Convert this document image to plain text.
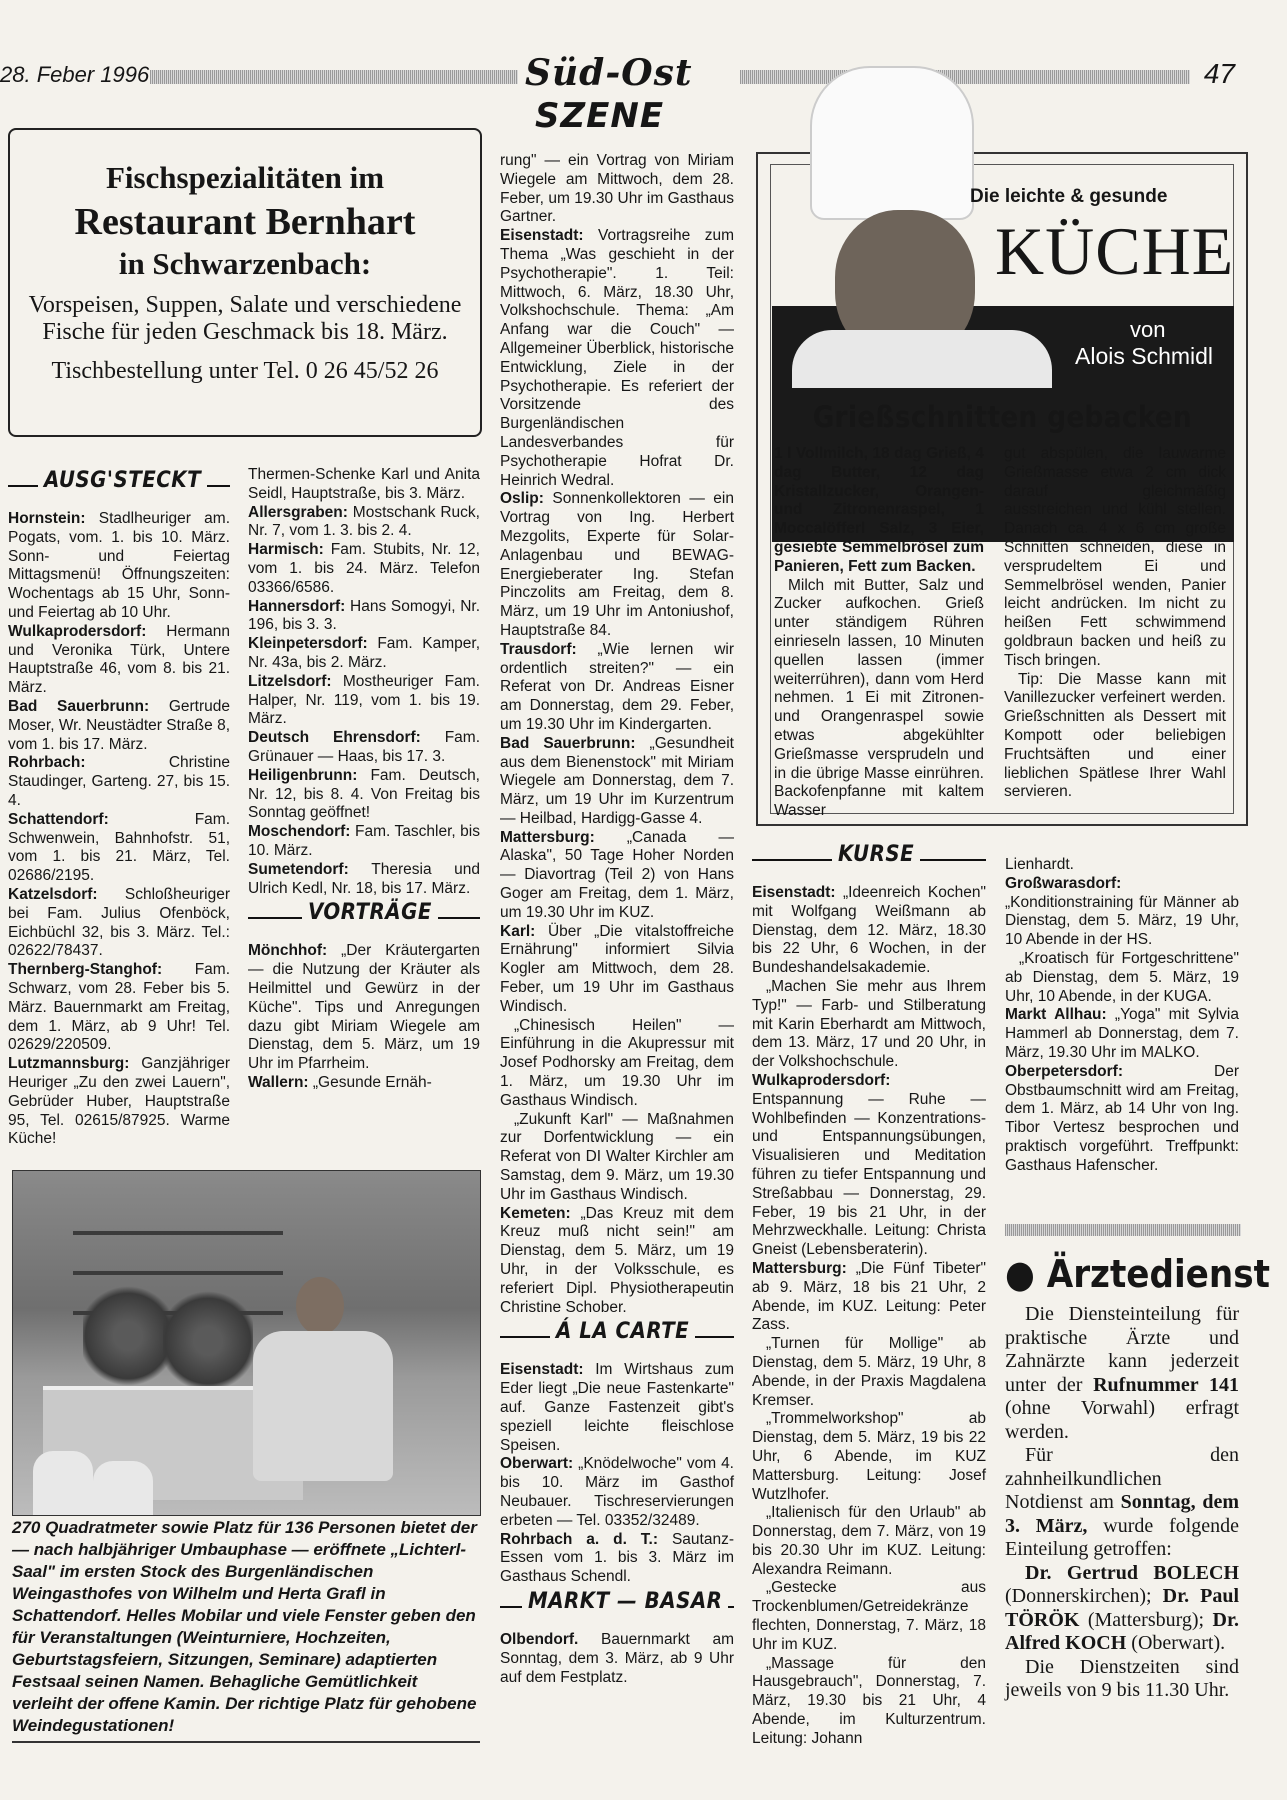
28. Feber 1996	Süd-Ost
SZENE
47
Fischspezialitäten im
Restaurant Bernhart
in Schwarzenbach:
Vorspeisen, Suppen, Salate und verschiedene Fische für jeden Geschmack bis 18. März.
Tischbestellung unter Tel. 0 26 45/52 26
AUSG'STECKT

Hornstein: Stadlheuriger am. Pogats, vom. 1. bis 10. März. Sonn- und Feiertag Mittagsmenü! Öffnungszeiten: Wochentags ab 15 Uhr, Sonn- und Feiertag ab 10 Uhr.

Wulkaprodersdorf: Hermann und Veronika Türk, Untere Hauptstraße 46, vom 8. bis 21. März.

Bad Sauerbrunn: Gertrude Moser, Wr. Neustädter Straße 8, vom 1. bis 17. März.

Rohrbach: Christine Staudinger, Garteng. 27, bis 15. 4.

Schattendorf: Fam. Schwenwein, Bahnhofstr. 51, vom 1. bis 21. März, Tel. 02686/2195.

Katzelsdorf: Schloßheuriger bei Fam. Julius Ofenböck, Eichbüchl 32, bis 3. März. Tel.: 02622/78437.

Thernberg-Stanghof: Fam. Schwarz, vom 28. Feber bis 5. März. Bauernmarkt am Freitag, dem 1. März, ab 9 Uhr! Tel. 02629/220509.

Lutzmannsburg: Ganzjähriger Heuriger „Zu den zwei Lauern", Gebrüder Huber, Hauptstraße 95, Tel. 02615/87925. Warme Küche!

Thermen-Schenke Karl und Anita Seidl, Hauptstraße, bis 3. März.

Allersgraben: Mostschank Ruck, Nr. 7, vom 1. 3. bis 2. 4.

Harmisch: Fam. Stubits, Nr. 12, vom 1. bis 24. März. Telefon 03366/6586.

Hannersdorf: Hans Somogyi, Nr. 196, bis 3. 3.

Kleinpetersdorf: Fam. Kamper, Nr. 43a, bis 2. März.

Litzelsdorf: Mostheuriger Fam. Halper, Nr. 119, vom 1. bis 19. März.

Deutsch Ehrensdorf: Fam. Grünauer — Haas, bis 17. 3.

Heiligenbrunn: Fam. Deutsch, Nr. 12, bis 8. 4. Von Freitag bis Sonntag geöffnet!

Moschendorf: Fam. Taschler, bis 10. März.

Sumetendorf: Theresia und Ulrich Kedl, Nr. 18, bis 17. März.

VORTRÄGE

Mönchhof: „Der Kräutergarten — die Nutzung der Kräuter als Heilmittel und Gewürz in der Küche". Tips und Anregungen dazu gibt Miriam Wiegele am Dienstag, dem 5. März, um 19 Uhr im Pfarrheim.

Wallern: „Gesunde Ernäh-

270 Quadratmeter sowie Platz für 136 Personen bietet der — nach halbjähriger Umbauphase — eröffnete „Lichterl-Saal" im ersten Stock des Burgenländischen Weingasthofes von Wilhelm und Herta Grafl in Schattendorf. Helles Mobilar und viele Fenster geben den für Veranstaltungen (Weinturniere, Hochzeiten, Geburtstagsfeiern, Sitzungen, Seminare) adaptierten Festsaal seinen Namen. Behagliche Gemütlichkeit verleiht der offene Kamin. Der richtige Platz für gehobene Weindegustationen!

rung" — ein Vortrag von Miriam Wiegele am Mittwoch, dem 28. Feber, um 19.30 Uhr im Gasthaus Gartner.

Eisenstadt: Vortragsreihe zum Thema „Was geschieht in der Psychotherapie". 1. Teil: Mittwoch, 6. März, 18.30 Uhr, Volkshochschule. Thema: „Am Anfang war die Couch" — Allgemeiner Überblick, historische Entwicklung, Ziele in der Psychotherapie. Es referiert der Vorsitzende des Burgenländischen Landesverbandes für Psychotherapie Hofrat Dr. Heinrich Wedral.

Oslip: Sonnenkollektoren — ein Vortrag von Ing. Herbert Mezgolits, Experte für Solar-Anlagenbau und BEWAG-Energieberater Ing. Stefan Pinczolits am Freitag, dem 8. März, um 19 Uhr im Antoniushof, Hauptstraße 84.

Trausdorf: „Wie lernen wir ordentlich streiten?" — ein Referat von Dr. Andreas Eisner am Donnerstag, dem 29. Feber, um 19.30 Uhr im Kindergarten.

Bad Sauerbrunn: „Gesundheit aus dem Bienenstock" mit Miriam Wiegele am Donnerstag, dem 7. März, um 19 Uhr im Kurzentrum — Heilbad, Hardigg-Gasse 4.

Mattersburg: „Canada — Alaska", 50 Tage Hoher Norden — Diavortrag (Teil 2) von Hans Goger am Freitag, dem 1. März, um 19.30 Uhr im KUZ.

Karl: Über „Die vitalstoffreiche Ernährung" informiert Silvia Kogler am Mittwoch, dem 28. Feber, um 19 Uhr im Gasthaus Windisch.

„Chinesisch Heilen" — Einführung in die Akupressur mit Josef Podhorsky am Freitag, dem 1. März, um 19.30 Uhr im Gasthaus Windisch.

„Zukunft Karl" — Maßnahmen zur Dorfentwicklung — ein Referat von DI Walter Kirchler am Samstag, dem 9. März, um 19.30 Uhr im Gasthaus Windisch.

Kemeten: „Das Kreuz mit dem Kreuz muß nicht sein!" am Dienstag, dem 5. März, um 19 Uhr, in der Volksschule, es referiert Dipl. Physiotherapeutin Christine Schober.

Á LA CARTE

Eisenstadt: Im Wirtshaus zum Eder liegt „Die neue Fastenkarte" auf. Ganze Fastenzeit gibt's speziell leichte fleischlose Speisen.

Oberwart: „Knödelwoche" vom 4. bis 10. März im Gasthof Neubauer. Tischreservierungen erbeten — Tel. 03352/32489.

Rohrbach a. d. T.: Sautanz-Essen vom 1. bis 3. März im Gasthaus Schendl.

MARKT — BASAR

Olbendorf. Bauernmarkt am Sonntag, dem 3. März, ab 9 Uhr auf dem Festplatz.

Die leichte & gesunde
KÜCHE
von
Alois Schmidl
Grießschnitten gebacken

1 l Vollmilch, 18 dag Grieß, 4 dag Butter, 12 dag Kristallzucker, Orangen- und Zitronenraspel, 1 Moccalöfferl Salz, 3 Eier, gesiebte Semmelbrösel zum Panieren, Fett zum Backen.

Milch mit Butter, Salz und Zucker aufkochen. Grieß unter ständigem Rühren einrieseln lassen, 10 Minuten quellen lassen (immer weiterrühren), dann vom Herd nehmen. 1 Ei mit Zitronen- und Orangenraspel sowie etwas abgekühlter Grießmasse versprudeln und in die übrige Masse einrühren. Backofenpfanne mit kaltem Wasser

gut abspülen, die lauwarme Grießmasse etwa 2 cm dick darauf gleichmäßig ausstreichen und kühl stellen. Danach ca. 4 x 6 cm große Schnitten schneiden, diese in versprudeltem Ei und Semmelbrösel wenden, Panier leicht andrücken. Im nicht zu heißen Fett schwimmend goldbraun backen und heiß zu Tisch bringen.

Tip: Die Masse kann mit Vanillezucker verfeinert werden. Grießschnitten als Dessert mit Kompott oder beliebigen Fruchtsäften und einer lieblichen Spätlese Ihrer Wahl servieren.

KURSE

Eisenstadt: „Ideenreich Kochen" mit Wolfgang Weißmann ab Dienstag, dem 12. März, 18.30 bis 22 Uhr, 6 Wochen, in der Bundeshandelsakademie.

„Machen Sie mehr aus Ihrem Typ!" — Farb- und Stilberatung mit Karin Eberhardt am Mittwoch, dem 13. März, 17 und 20 Uhr, in der Volkshochschule.

Wulkaprodersdorf: Entspannung — Ruhe — Wohlbefinden — Konzentrations- und Entspannungsübungen, Visualisieren und Meditation führen zu tiefer Entspannung und Streßabbau — Donnerstag, 29. Feber, 19 bis 21 Uhr, in der Mehrzweckhalle. Leitung: Christa Gneist (Lebensberaterin).

Mattersburg: „Die Fünf Tibeter" ab 9. März, 18 bis 21 Uhr, 2 Abende, im KUZ. Leitung: Peter Zass.

„Turnen für Mollige" ab Dienstag, dem 5. März, 19 Uhr, 8 Abende, in der Praxis Magdalena Kremser.

„Trommelworkshop" ab Dienstag, dem 5. März, 19 bis 22 Uhr, 6 Abende, im KUZ Mattersburg. Leitung: Josef Wutzlhofer.

„Italienisch für den Urlaub" ab Donnerstag, dem 7. März, von 19 bis 20.30 Uhr im KUZ. Leitung: Alexandra Reimann.

„Gestecke aus Trockenblumen/Getreidekränze flechten, Donnerstag, 7. März, 18 Uhr im KUZ.

„Massage für den Hausgebrauch", Donnerstag, 7. März, 19.30 bis 21 Uhr, 4 Abende, im Kulturzentrum. Leitung: Johann

Lienhardt.

Großwarasdorf: „Konditionstraining für Männer ab Dienstag, dem 5. März, 19 Uhr, 10 Abende in der HS.

„Kroatisch für Fortgeschrittene" ab Dienstag, dem 5. März, 19 Uhr, 10 Abende, in der KUGA.

Markt Allhau: „Yoga" mit Sylvia Hammerl ab Donnerstag, dem 7. März, 19.30 Uhr im MALKO.

Oberpetersdorf: Der Obstbaumschnitt wird am Freitag, dem 1. März, ab 14 Uhr von Ing. Tibor Vertesz besprochen und praktisch vorgeführt. Treffpunkt: Gasthaus Hafenscher.

● Ärztedienst

Die Diensteinteilung für praktische Ärzte und Zahnärzte kann jederzeit unter der Rufnummer 141 (ohne Vorwahl) erfragt werden.

Für den zahnheilkundlichen Notdienst am Sonntag, dem 3. März, wurde folgende Einteilung getroffen:

Dr. Gertrud BOLECH (Donnerskirchen); Dr. Paul TÖRÖK (Mattersburg); Dr. Alfred KOCH (Oberwart).

Die Dienstzeiten sind jeweils von 9 bis 11.30 Uhr.
